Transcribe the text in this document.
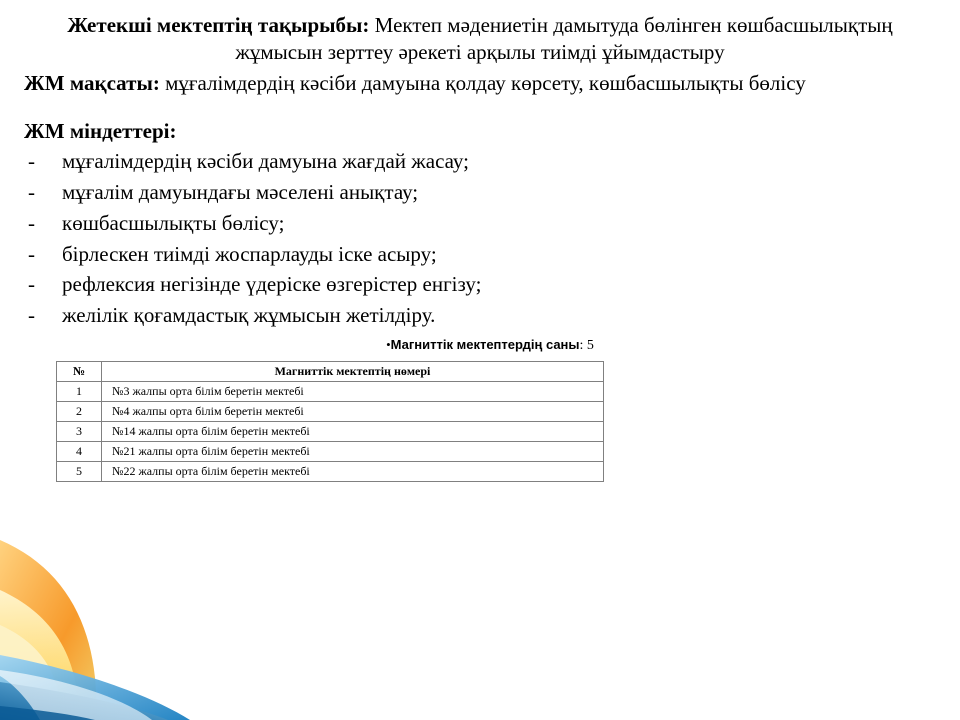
Жетекші мектептің тақырыбы: Мектеп мәдениетін дамытуда бөлінген көшбасшылықтың жұмысын зерттеу әрекеті арқылы тиімді ұйымдастыру
ЖМ мақсаты: мұғалімдердің кәсіби дамуына қолдау көрсету, көшбасшылықты бөлісу
ЖМ міндеттері:
-	мұғалімдердің кәсіби дамуына жағдай жасау;
-	мұғалім дамуындағы мәселені анықтау;
-	көшбасшылықты бөлісу;
-	бірлескен тиімді жоспарлауды іске асыру;
-	рефлексия негізінде үдеріске өзгерістер енгізу;
-	желілік қоғамдастық жұмысын жетілдіру.
•Магниттік мектептердің саны: 5
№	Магниттік мектептің нөмері
1	№3 жалпы орта білім беретін мектебі
2	№4 жалпы орта білім беретін мектебі
3	№14 жалпы орта білім беретін мектебі
4	№21 жалпы орта білім беретін мектебі
5	№22 жалпы орта білім беретін мектебі
